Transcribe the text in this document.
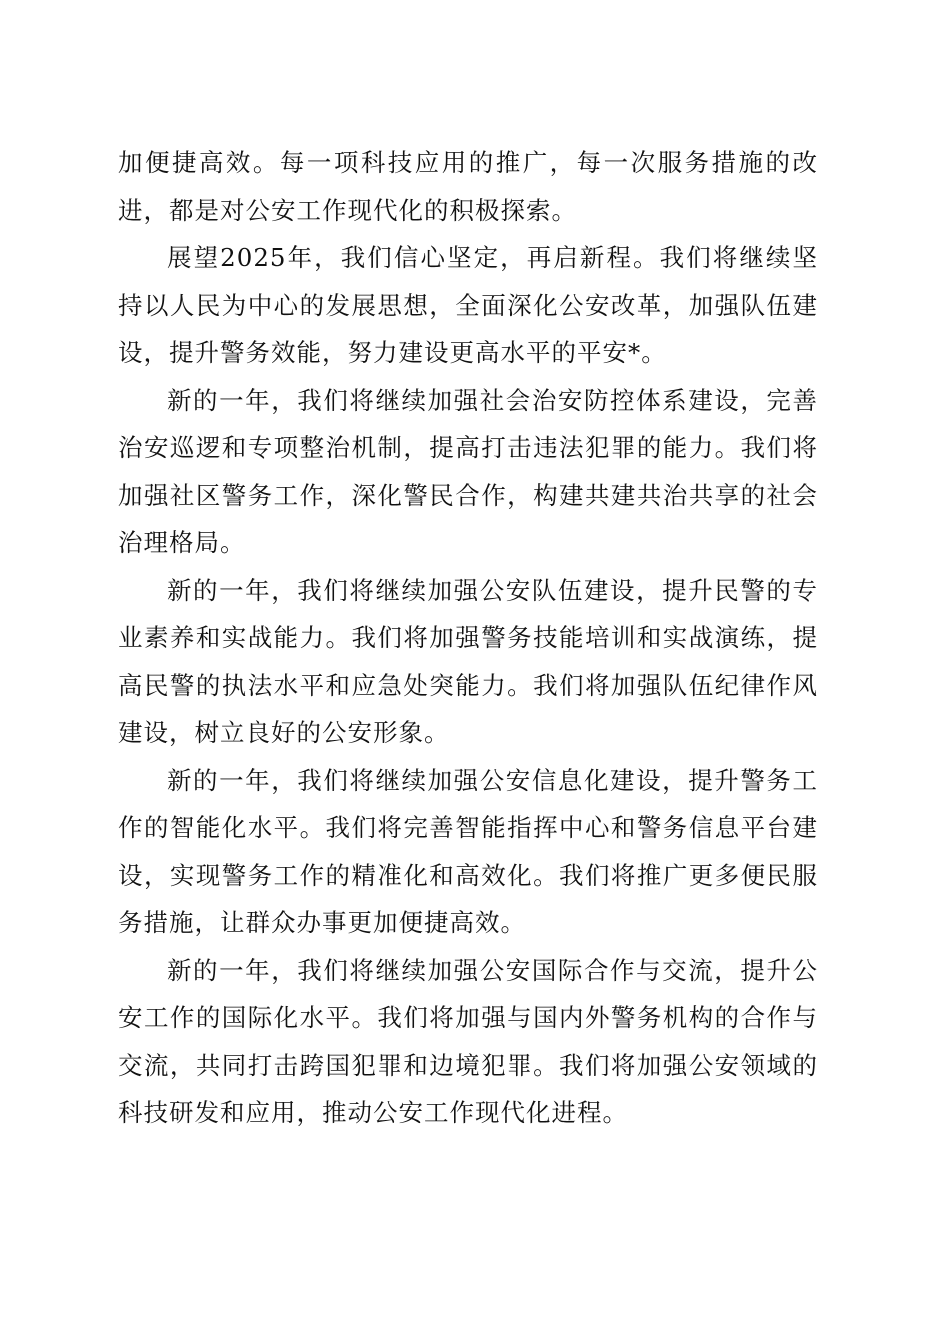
加便捷高效。每一项科技应用的推广，每一次服务措施的改进，都是对公安工作现代化的积极探索。

展望2025年，我们信心坚定，再启新程。我们将继续坚持以人民为中心的发展思想，全面深化公安改革，加强队伍建设，提升警务效能，努力建设更高水平的平安*。

新的一年，我们将继续加强社会治安防控体系建设，完善治安巡逻和专项整治机制，提高打击违法犯罪的能力。我们将加强社区警务工作，深化警民合作，构建共建共治共享的社会治理格局。

新的一年，我们将继续加强公安队伍建设，提升民警的专业素养和实战能力。我们将加强警务技能培训和实战演练，提高民警的执法水平和应急处突能力。我们将加强队伍纪律作风建设，树立良好的公安形象。

新的一年，我们将继续加强公安信息化建设，提升警务工作的智能化水平。我们将完善智能指挥中心和警务信息平台建设，实现警务工作的精准化和高效化。我们将推广更多便民服务措施，让群众办事更加便捷高效。

新的一年，我们将继续加强公安国际合作与交流，提升公安工作的国际化水平。我们将加强与国内外警务机构的合作与交流，共同打击跨国犯罪和边境犯罪。我们将加强公安领域的科技研发和应用，推动公安工作现代化进程。
